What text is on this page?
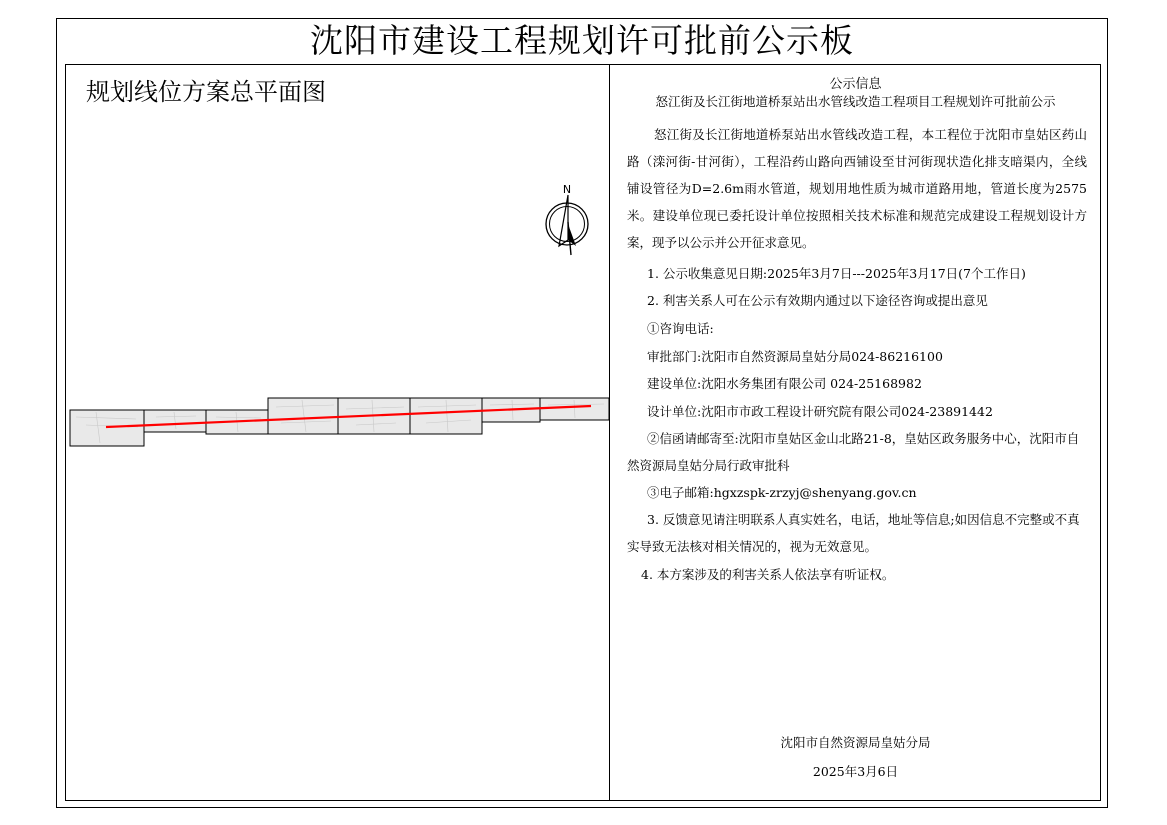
沈阳市建设工程规划许可批前公示板
规划线位方案总平面图
N
公示信息
怒江街及长江街地道桥泵站出水管线改造工程项目工程规划许可批前公示

怒江街及长江街地道桥泵站出水管线改造工程，本工程位于沈阳市皇姑区药山路（滦河街-甘河街），工程沿药山路向西铺设至甘河街现状造化排支暗渠内，全线铺设管径为D=2.6m雨水管道，规划用地性质为城市道路用地，管道长度为2575米。建设单位现已委托设计单位按照相关技术标准和规范完成建设工程规划设计方案，现予以公示并公开征求意见。

1. 公示收集意见日期:2025年3月7日---2025年3月17日(7个工作日)
2. 利害关系人可在公示有效期内通过以下途径咨询或提出意见
①咨询电话:
审批部门:沈阳市自然资源局皇姑分局024-86216100
建设单位:沈阳水务集团有限公司 024-25168982
设计单位:沈阳市市政工程设计研究院有限公司024-23891442
②信函请邮寄至:沈阳市皇姑区金山北路21-8，皇姑区政务服务中心，沈阳市自然资源局皇姑分局行政审批科
③电子邮箱:hgxzspk-zrzyj@shenyang.gov.cn
3. 反馈意见请注明联系人真实姓名，电话，地址等信息;如因信息不完整或不真实导致无法核对相关情况的，视为无效意见。
4. 本方案涉及的利害关系人依法享有听证权。
沈阳市自然资源局皇姑分局
2025年3月6日
